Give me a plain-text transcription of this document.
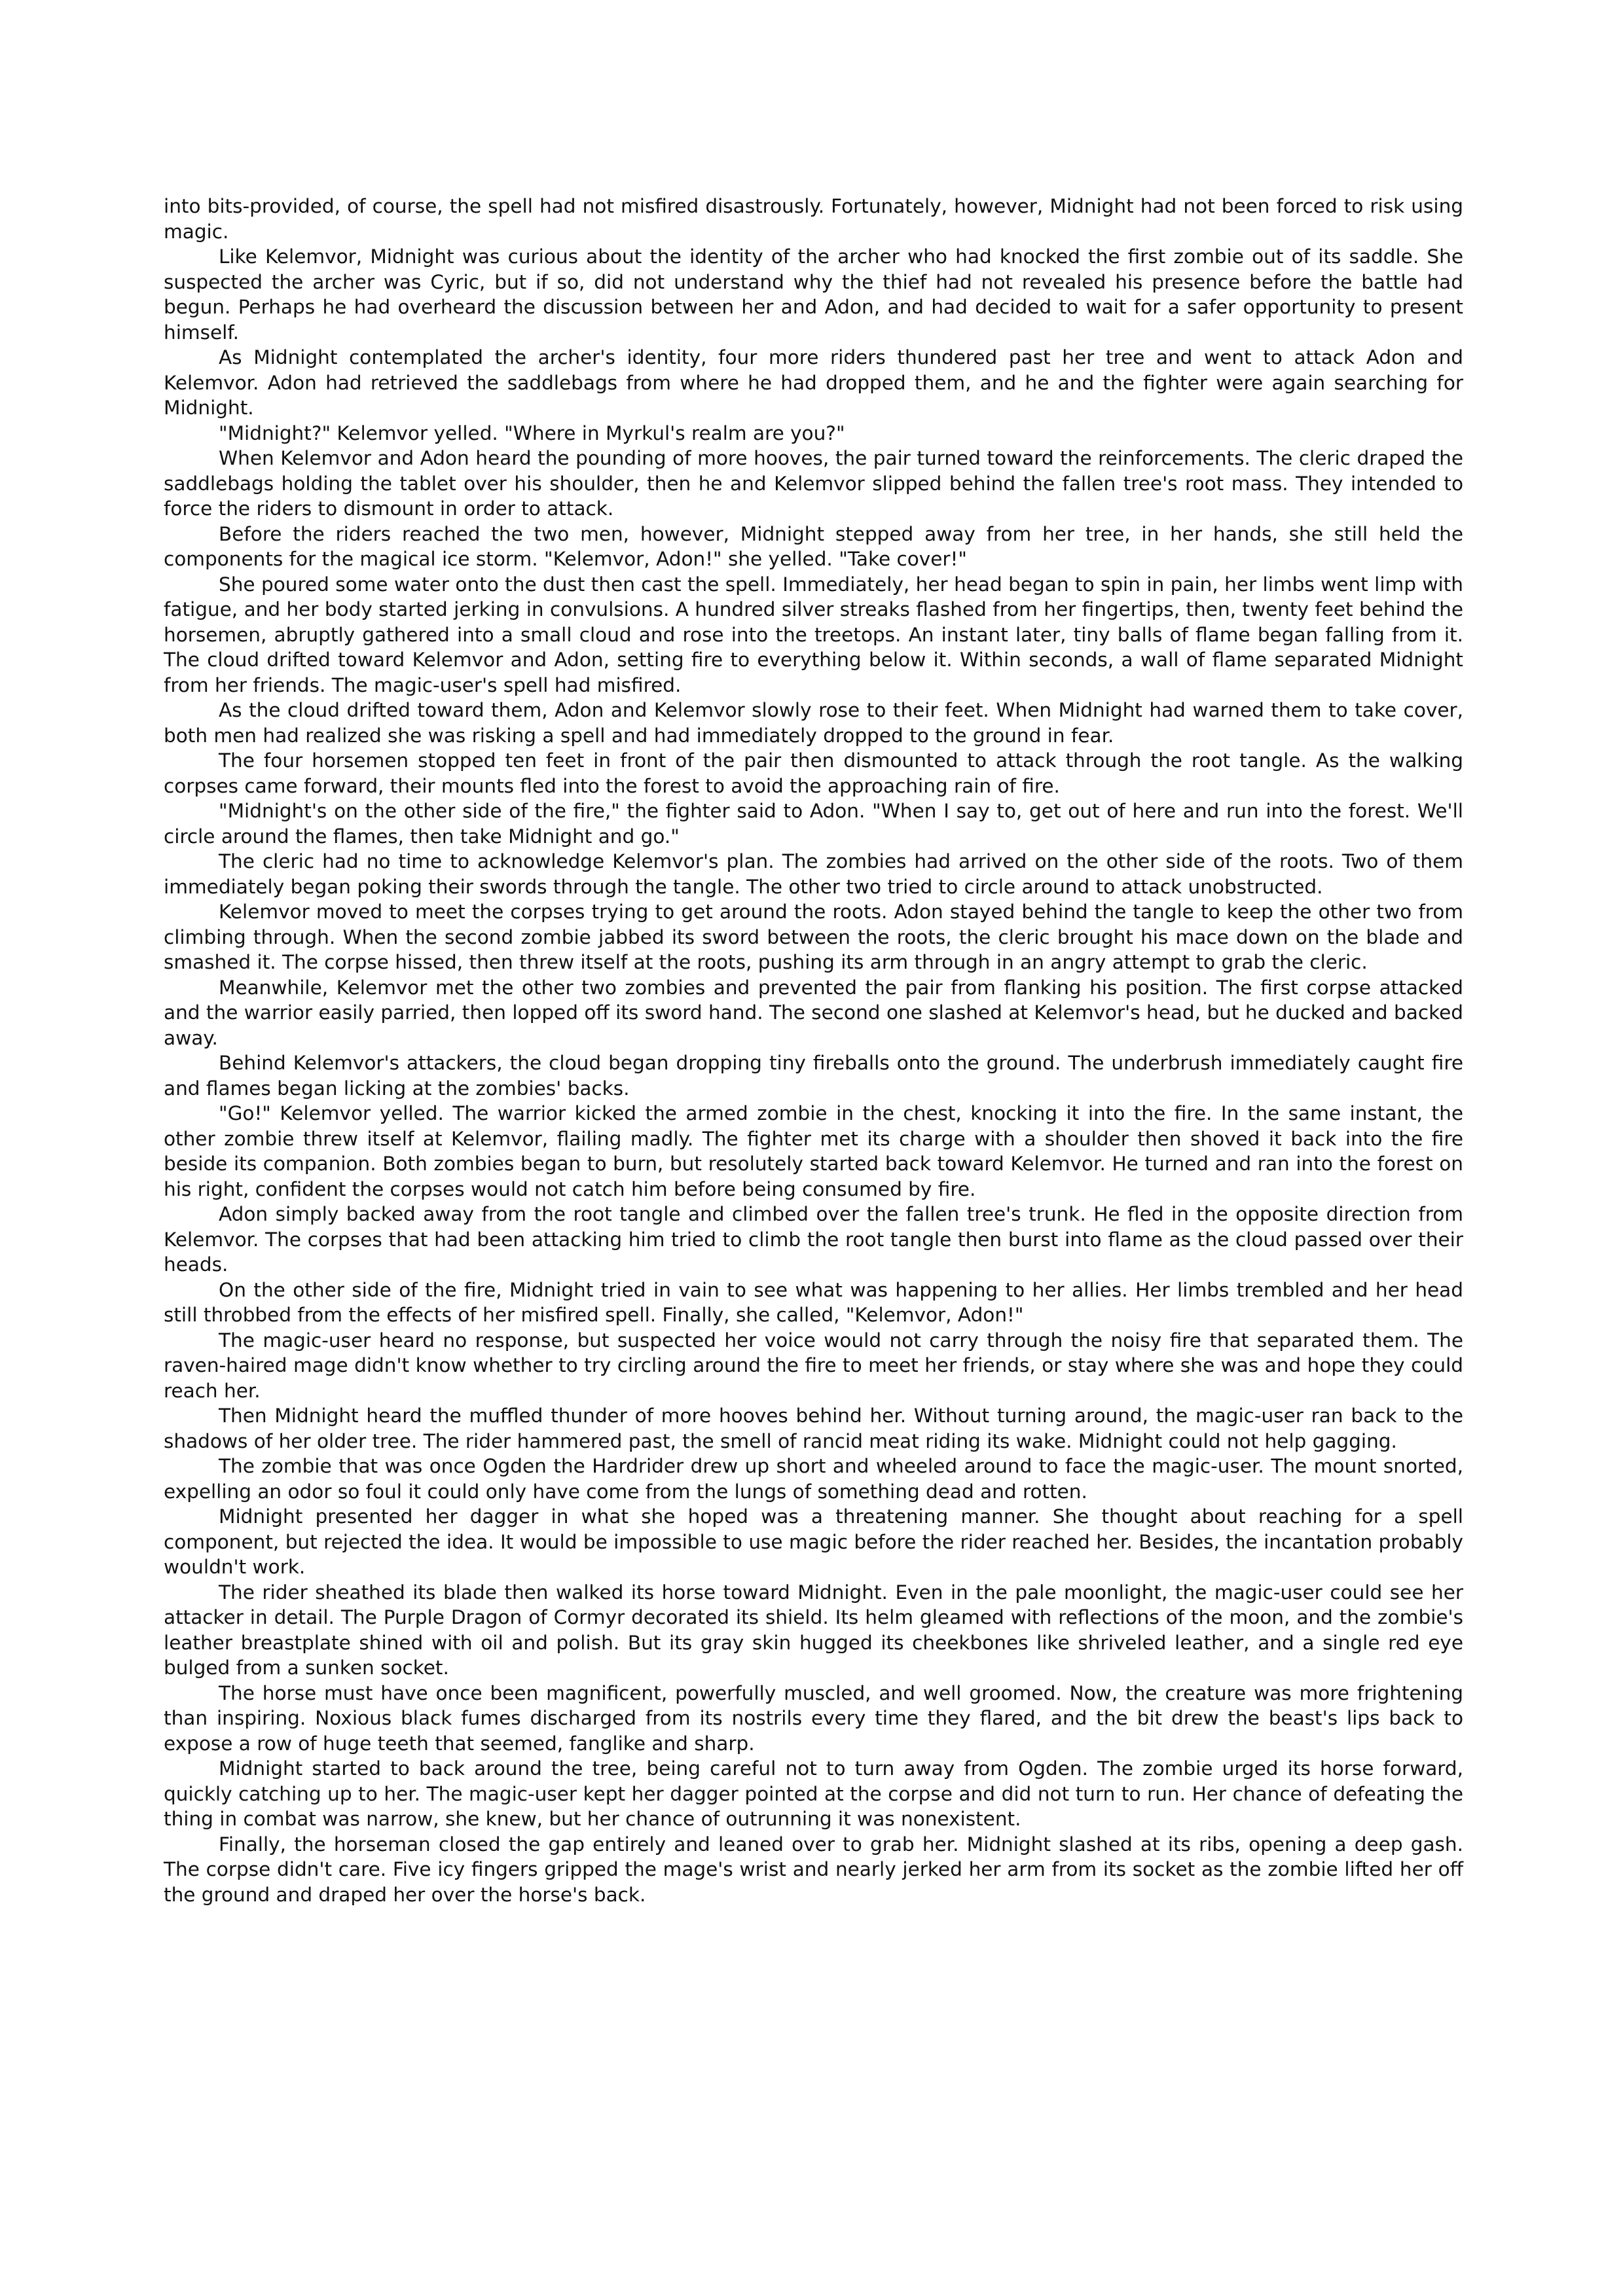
into bits-provided, of course, the spell had not misfired disastrously. Fortunately, however, Midnight had not been forced to risk using magic.

Like Kelemvor, Midnight was curious about the identity of the archer who had knocked the first zombie out of its saddle. She suspected the archer was Cyric, but if so, did not understand why the thief had not revealed his presence before the battle had begun. Perhaps he had overheard the discussion between her and Adon, and had decided to wait for a safer opportunity to present himself.

As Midnight contemplated the archer's identity, four more riders thundered past her tree and went to attack Adon and Kelemvor. Adon had retrieved the saddlebags from where he had dropped them, and he and the fighter were again searching for Midnight.

"Midnight?" Kelemvor yelled. "Where in Myrkul's realm are you?"

When Kelemvor and Adon heard the pounding of more hooves, the pair turned toward the reinforcements. The cleric draped the saddlebags holding the tablet over his shoulder, then he and Kelemvor slipped behind the fallen tree's root mass. They intended to force the riders to dismount in order to attack.

Before the riders reached the two men, however, Midnight stepped away from her tree, in her hands, she still held the components for the magical ice storm. "Kelemvor, Adon!" she yelled. "Take cover!"

She poured some water onto the dust then cast the spell. Immediately, her head began to spin in pain, her limbs went limp with fatigue, and her body started jerking in convulsions. A hundred silver streaks flashed from her fingertips, then, twenty feet behind the horsemen, abruptly gathered into a small cloud and rose into the treetops. An instant later, tiny balls of flame began falling from it. The cloud drifted toward Kelemvor and Adon, setting fire to everything below it. Within seconds, a wall of flame separated Midnight from her friends. The magic-user's spell had misfired.

As the cloud drifted toward them, Adon and Kelemvor slowly rose to their feet. When Midnight had warned them to take cover, both men had realized she was risking a spell and had immediately dropped to the ground in fear.

The four horsemen stopped ten feet in front of the pair then dismounted to attack through the root tangle. As the walking corpses came forward, their mounts fled into the forest to avoid the approaching rain of fire.

"Midnight's on the other side of the fire," the fighter said to Adon. "When I say to, get out of here and run into the forest. We'll circle around the flames, then take Midnight and go."

The cleric had no time to acknowledge Kelemvor's plan. The zombies had arrived on the other side of the roots. Two of them immediately began poking their swords through the tangle. The other two tried to circle around to attack unobstructed.

Kelemvor moved to meet the corpses trying to get around the roots. Adon stayed behind the tangle to keep the other two from climbing through. When the second zombie jabbed its sword between the roots, the cleric brought his mace down on the blade and smashed it. The corpse hissed, then threw itself at the roots, pushing its arm through in an angry attempt to grab the cleric.

Meanwhile, Kelemvor met the other two zombies and prevented the pair from flanking his position. The first corpse attacked and the warrior easily parried, then lopped off its sword hand. The second one slashed at Kelemvor's head, but he ducked and backed away.

Behind Kelemvor's attackers, the cloud began dropping tiny fireballs onto the ground. The underbrush immediately caught fire and flames began licking at the zombies' backs.

"Go!" Kelemvor yelled. The warrior kicked the armed zombie in the chest, knocking it into the fire. In the same instant, the other zombie threw itself at Kelemvor, flailing madly. The fighter met its charge with a shoulder then shoved it back into the fire beside its companion. Both zombies began to burn, but resolutely started back toward Kelemvor. He turned and ran into the forest on his right, confident the corpses would not catch him before being consumed by fire.

Adon simply backed away from the root tangle and climbed over the fallen tree's trunk. He fled in the opposite direction from Kelemvor. The corpses that had been attacking him tried to climb the root tangle then burst into flame as the cloud passed over their heads.

On the other side of the fire, Midnight tried in vain to see what was happening to her allies. Her limbs trembled and her head still throbbed from the effects of her misfired spell. Finally, she called, "Kelemvor, Adon!"

The magic-user heard no response, but suspected her voice would not carry through the noisy fire that separated them. The raven-haired mage didn't know whether to try circling around the fire to meet her friends, or stay where she was and hope they could reach her.

Then Midnight heard the muffled thunder of more hooves behind her. Without turning around, the magic-user ran back to the shadows of her older tree. The rider hammered past, the smell of rancid meat riding its wake. Midnight could not help gagging.

The zombie that was once Ogden the Hardrider drew up short and wheeled around to face the magic-user. The mount snorted, expelling an odor so foul it could only have come from the lungs of something dead and rotten.

Midnight presented her dagger in what she hoped was a threatening manner. She thought about reaching for a spell component, but rejected the idea. It would be impossible to use magic before the rider reached her. Besides, the incantation probably wouldn't work.

The rider sheathed its blade then walked its horse toward Midnight. Even in the pale moonlight, the magic-user could see her attacker in detail. The Purple Dragon of Cormyr decorated its shield. Its helm gleamed with reflections of the moon, and the zombie's leather breastplate shined with oil and polish. But its gray skin hugged its cheekbones like shriveled leather, and a single red eye bulged from a sunken socket.

The horse must have once been magnificent, powerfully muscled, and well groomed. Now, the creature was more frightening than inspiring. Noxious black fumes discharged from its nostrils every time they flared, and the bit drew the beast's lips back to expose a row of huge teeth that seemed, fanglike and sharp.

Midnight started to back around the tree, being careful not to turn away from Ogden. The zombie urged its horse forward, quickly catching up to her. The magic-user kept her dagger pointed at the corpse and did not turn to run. Her chance of defeating the thing in combat was narrow, she knew, but her chance of outrunning it was nonexistent.

Finally, the horseman closed the gap entirely and leaned over to grab her. Midnight slashed at its ribs, opening a deep gash. The corpse didn't care. Five icy fingers gripped the mage's wrist and nearly jerked her arm from its socket as the zombie lifted her off the ground and draped her over the horse's back.
